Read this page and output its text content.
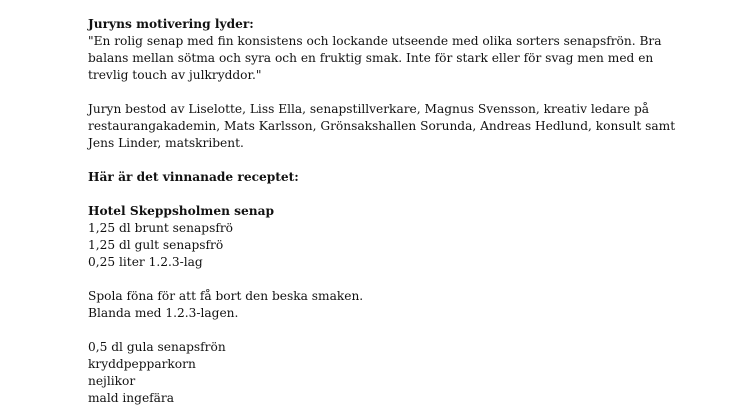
Juryns motivering lyder:

"En rolig senap med fin konsistens och lockande utseende med olika sorters senapsfrön. Bra

balans mellan sötma och syra och en fruktig smak. Inte för stark eller för svag men med en

trevlig touch av julkryddor."

Juryn bestod av Liselotte, Liss Ella, senapstillverkare, Magnus Svensson, kreativ ledare på

restaurangakademin, Mats Karlsson, Grönsakshallen Sorunda, Andreas Hedlund, konsult samt

Jens Linder, matskribent.

Här är det vinnanade receptet:

Hotel Skeppsholmen senap

1,25 dl brunt senapsfrö

1,25 dl gult senapsfrö

0,25 liter 1.2.3-lag

Spola föna för att få bort den beska smaken.

Blanda med 1.2.3-lagen.

0,5 dl gula senapsfrön

kryddpepparkorn

nejlikor

mald ingefära
